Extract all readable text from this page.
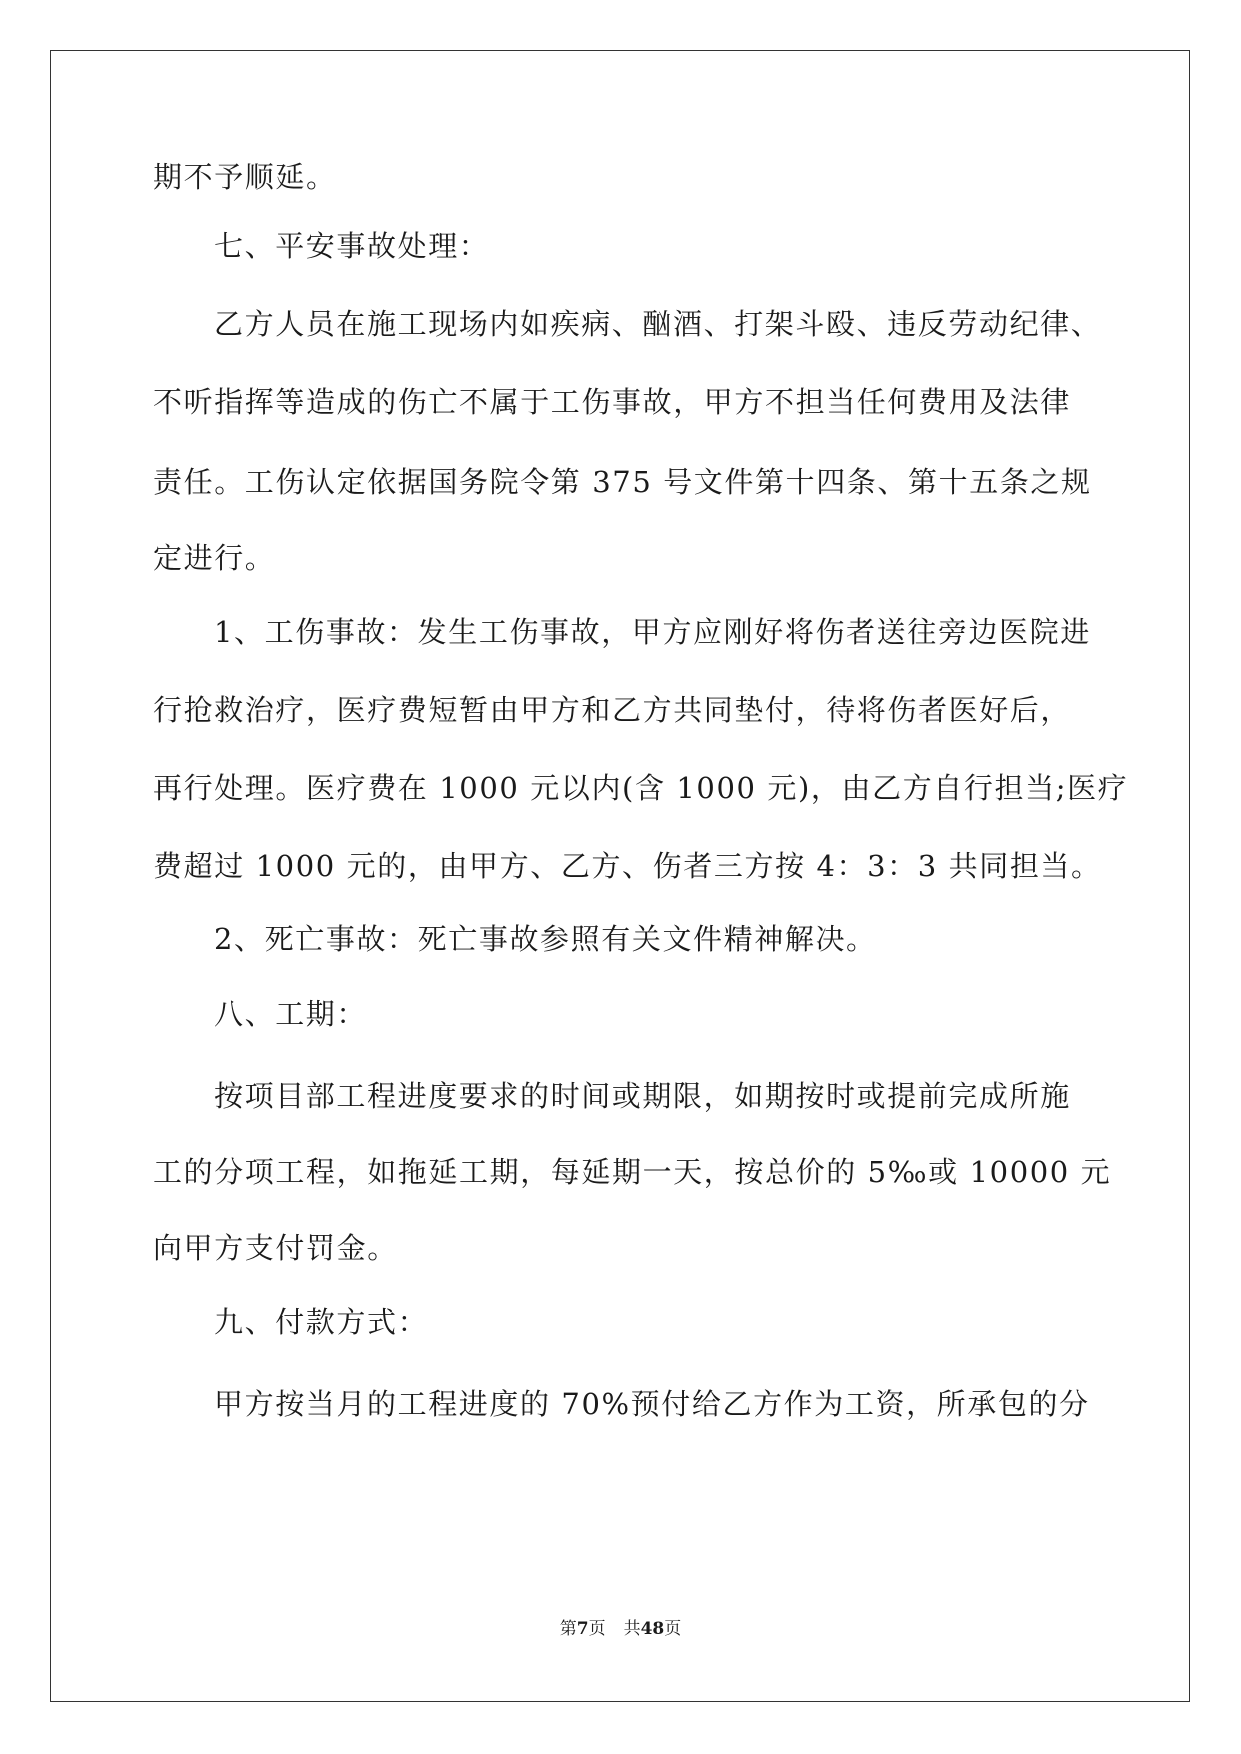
期不予顺延。
七、平安事故处理：
乙方人员在施工现场内如疾病、酗酒、打架斗殴、违反劳动纪律、
不听指挥等造成的伤亡不属于工伤事故，甲方不担当任何费用及法律
责任。工伤认定依据国务院令第 375 号文件第十四条、第十五条之规
定进行。
1、工伤事故：发生工伤事故，甲方应刚好将伤者送往旁边医院进
行抢救治疗，医疗费短暂由甲方和乙方共同垫付，待将伤者医好后，
再行处理。医疗费在 1000 元以内(含 1000 元)，由乙方自行担当;医疗
费超过 1000 元的，由甲方、乙方、伤者三方按 4：3：3 共同担当。
2、死亡事故：死亡事故参照有关文件精神解决。
八、工期：
按项目部工程进度要求的时间或期限，如期按时或提前完成所施
工的分项工程，如拖延工期，每延期一天，按总价的 5‰或 10000 元
向甲方支付罚金。
九、付款方式：
甲方按当月的工程进度的 70%预付给乙方作为工资，所承包的分
第7页 共48页
